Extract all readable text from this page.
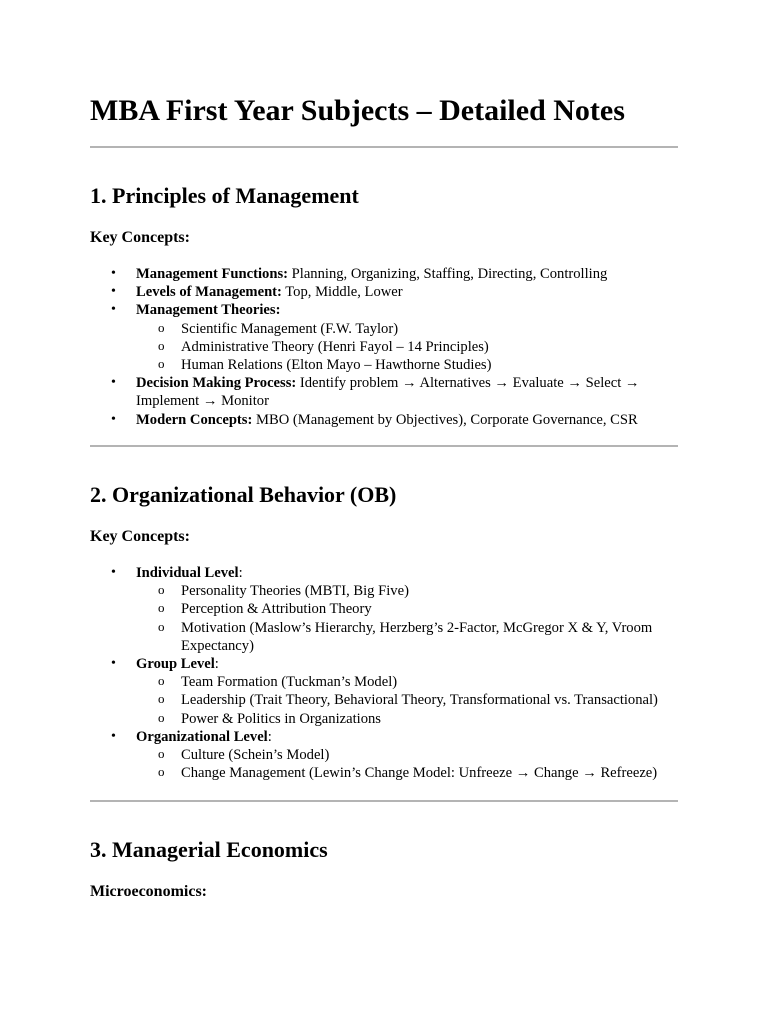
MBA First Year Subjects – Detailed Notes
1. Principles of Management
Key Concepts:
• Management Functions: Planning, Organizing, Staffing, Directing, Controlling
• Levels of Management: Top, Middle, Lower
• Management Theories:
o Scientific Management (F.W. Taylor)
o Administrative Theory (Henri Fayol – 14 Principles)
o Human Relations (Elton Mayo – Hawthorne Studies)
• Decision Making Process: Identify problem → Alternatives → Evaluate → Select → Implement → Monitor
• Modern Concepts: MBO (Management by Objectives), Corporate Governance, CSR
2. Organizational Behavior (OB)
Key Concepts:
• Individual Level:
o Personality Theories (MBTI, Big Five)
o Perception & Attribution Theory
o Motivation (Maslow’s Hierarchy, Herzberg’s 2-Factor, McGregor X & Y, Vroom Expectancy)
• Group Level:
o Team Formation (Tuckman’s Model)
o Leadership (Trait Theory, Behavioral Theory, Transformational vs. Transactional)
o Power & Politics in Organizations
• Organizational Level:
o Culture (Schein’s Model)
o Change Management (Lewin’s Change Model: Unfreeze → Change → Refreeze)
3. Managerial Economics
Microeconomics:
